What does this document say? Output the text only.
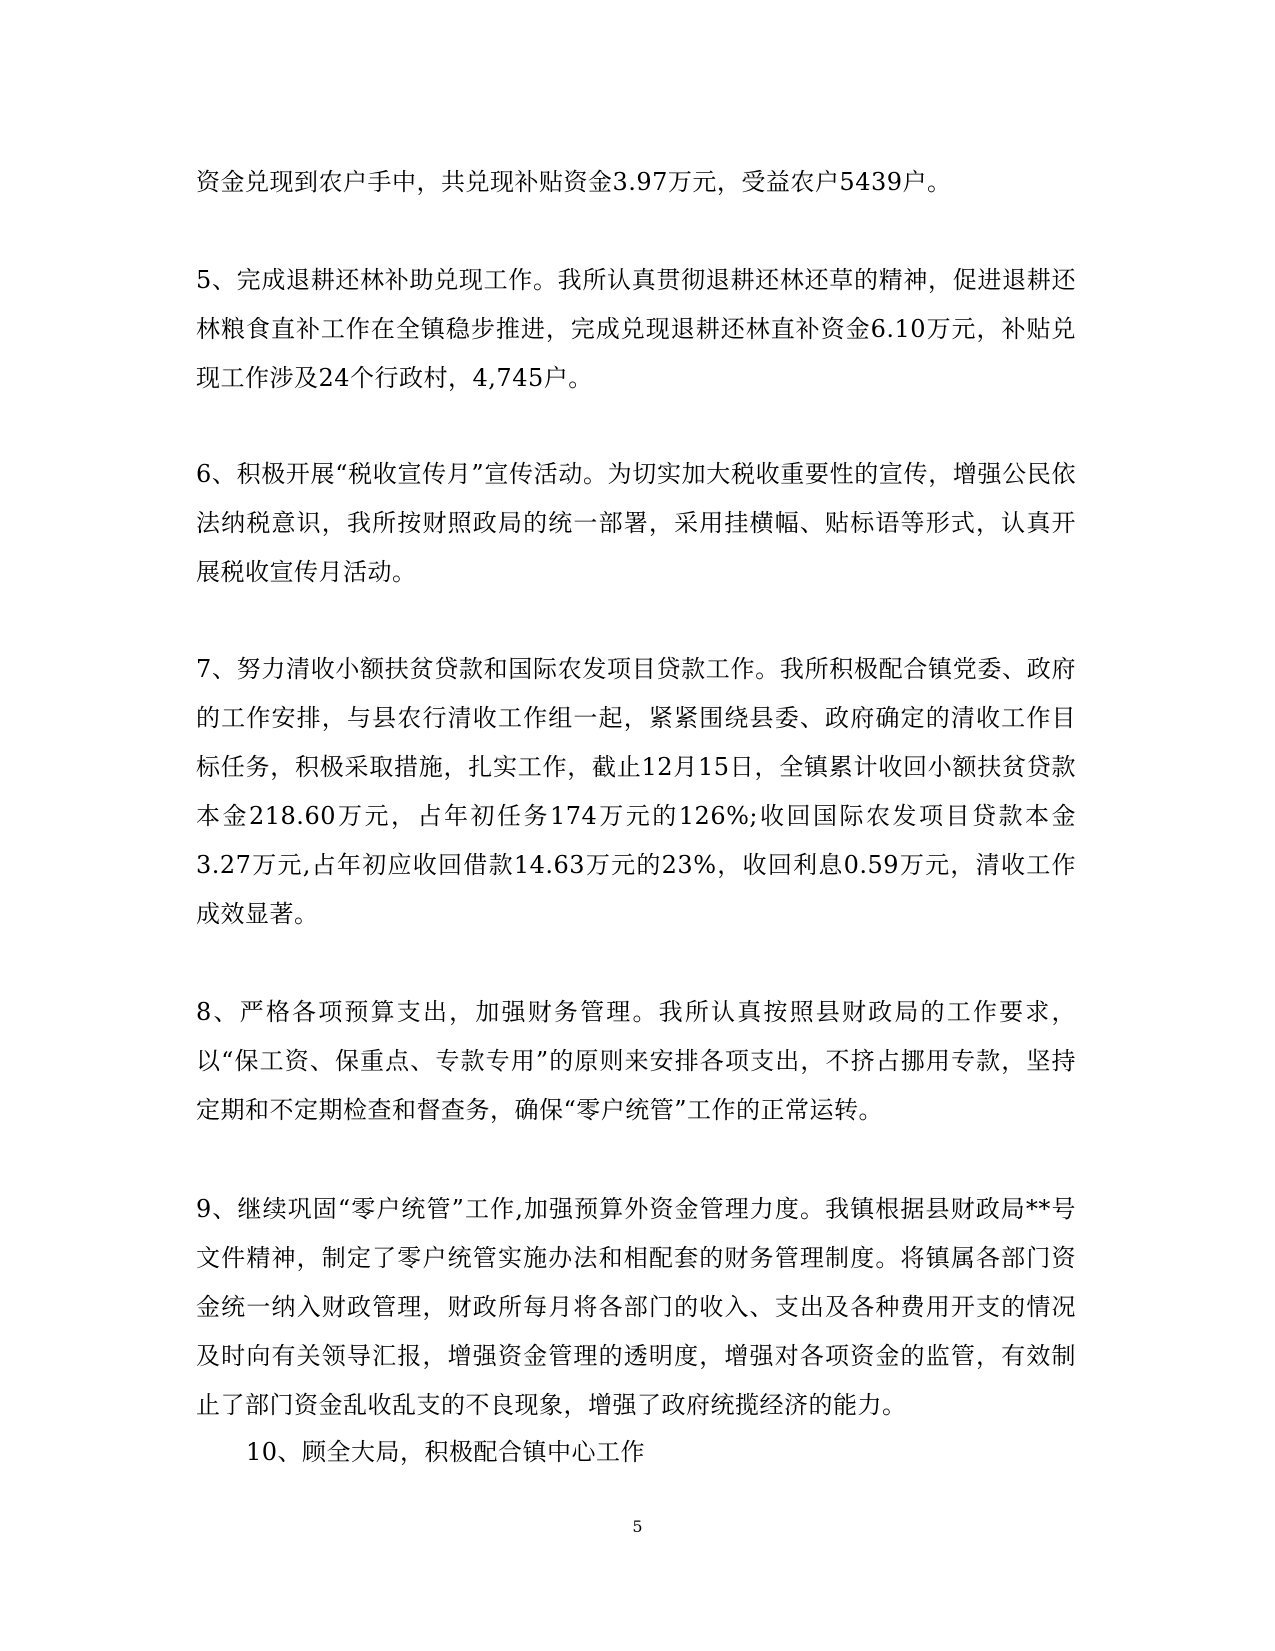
资金兑现到农户手中，共兑现补贴资金3.97万元，受益农户5439户。

5、完成退耕还林补助兑现工作。我所认真贯彻退耕还林还草的精神，促进退耕还林粮食直补工作在全镇稳步推进，完成兑现退耕还林直补资金6.10万元，补贴兑现工作涉及24个行政村，4,745户。

6、积极开展“税收宣传月”宣传活动。为切实加大税收重要性的宣传，增强公民依法纳税意识，我所按财照政局的统一部署，采用挂横幅、贴标语等形式，认真开展税收宣传月活动。

7、努力清收小额扶贫贷款和国际农发项目贷款工作。我所积极配合镇党委、政府的工作安排，与县农行清收工作组一起，紧紧围绕县委、政府确定的清收工作目标任务，积极采取措施，扎实工作，截止12月15日，全镇累计收回小额扶贫贷款本金218.60万元，占年初任务174万元的126%;收回国际农发项目贷款本金3.27万元,占年初应收回借款14.63万元的23%，收回利息0.59万元，清收工作成效显著。

8、严格各项预算支出，加强财务管理。我所认真按照县财政局的工作要求，以“保工资、保重点、专款专用”的原则来安排各项支出，不挤占挪用专款，坚持定期和不定期检查和督查务，确保“零户统管”工作的正常运转。

9、继续巩固“零户统管”工作,加强预算外资金管理力度。我镇根据县财政局**号文件精神，制定了零户统管实施办法和相配套的财务管理制度。将镇属各部门资金统一纳入财政管理，财政所每月将各部门的收入、支出及各种费用开支的情况及时向有关领导汇报，增强资金管理的透明度，增强对各项资金的监管，有效制止了部门资金乱收乱支的不良现象，增强了政府统揽经济的能力。

10、顾全大局，积极配合镇中心工作

5
